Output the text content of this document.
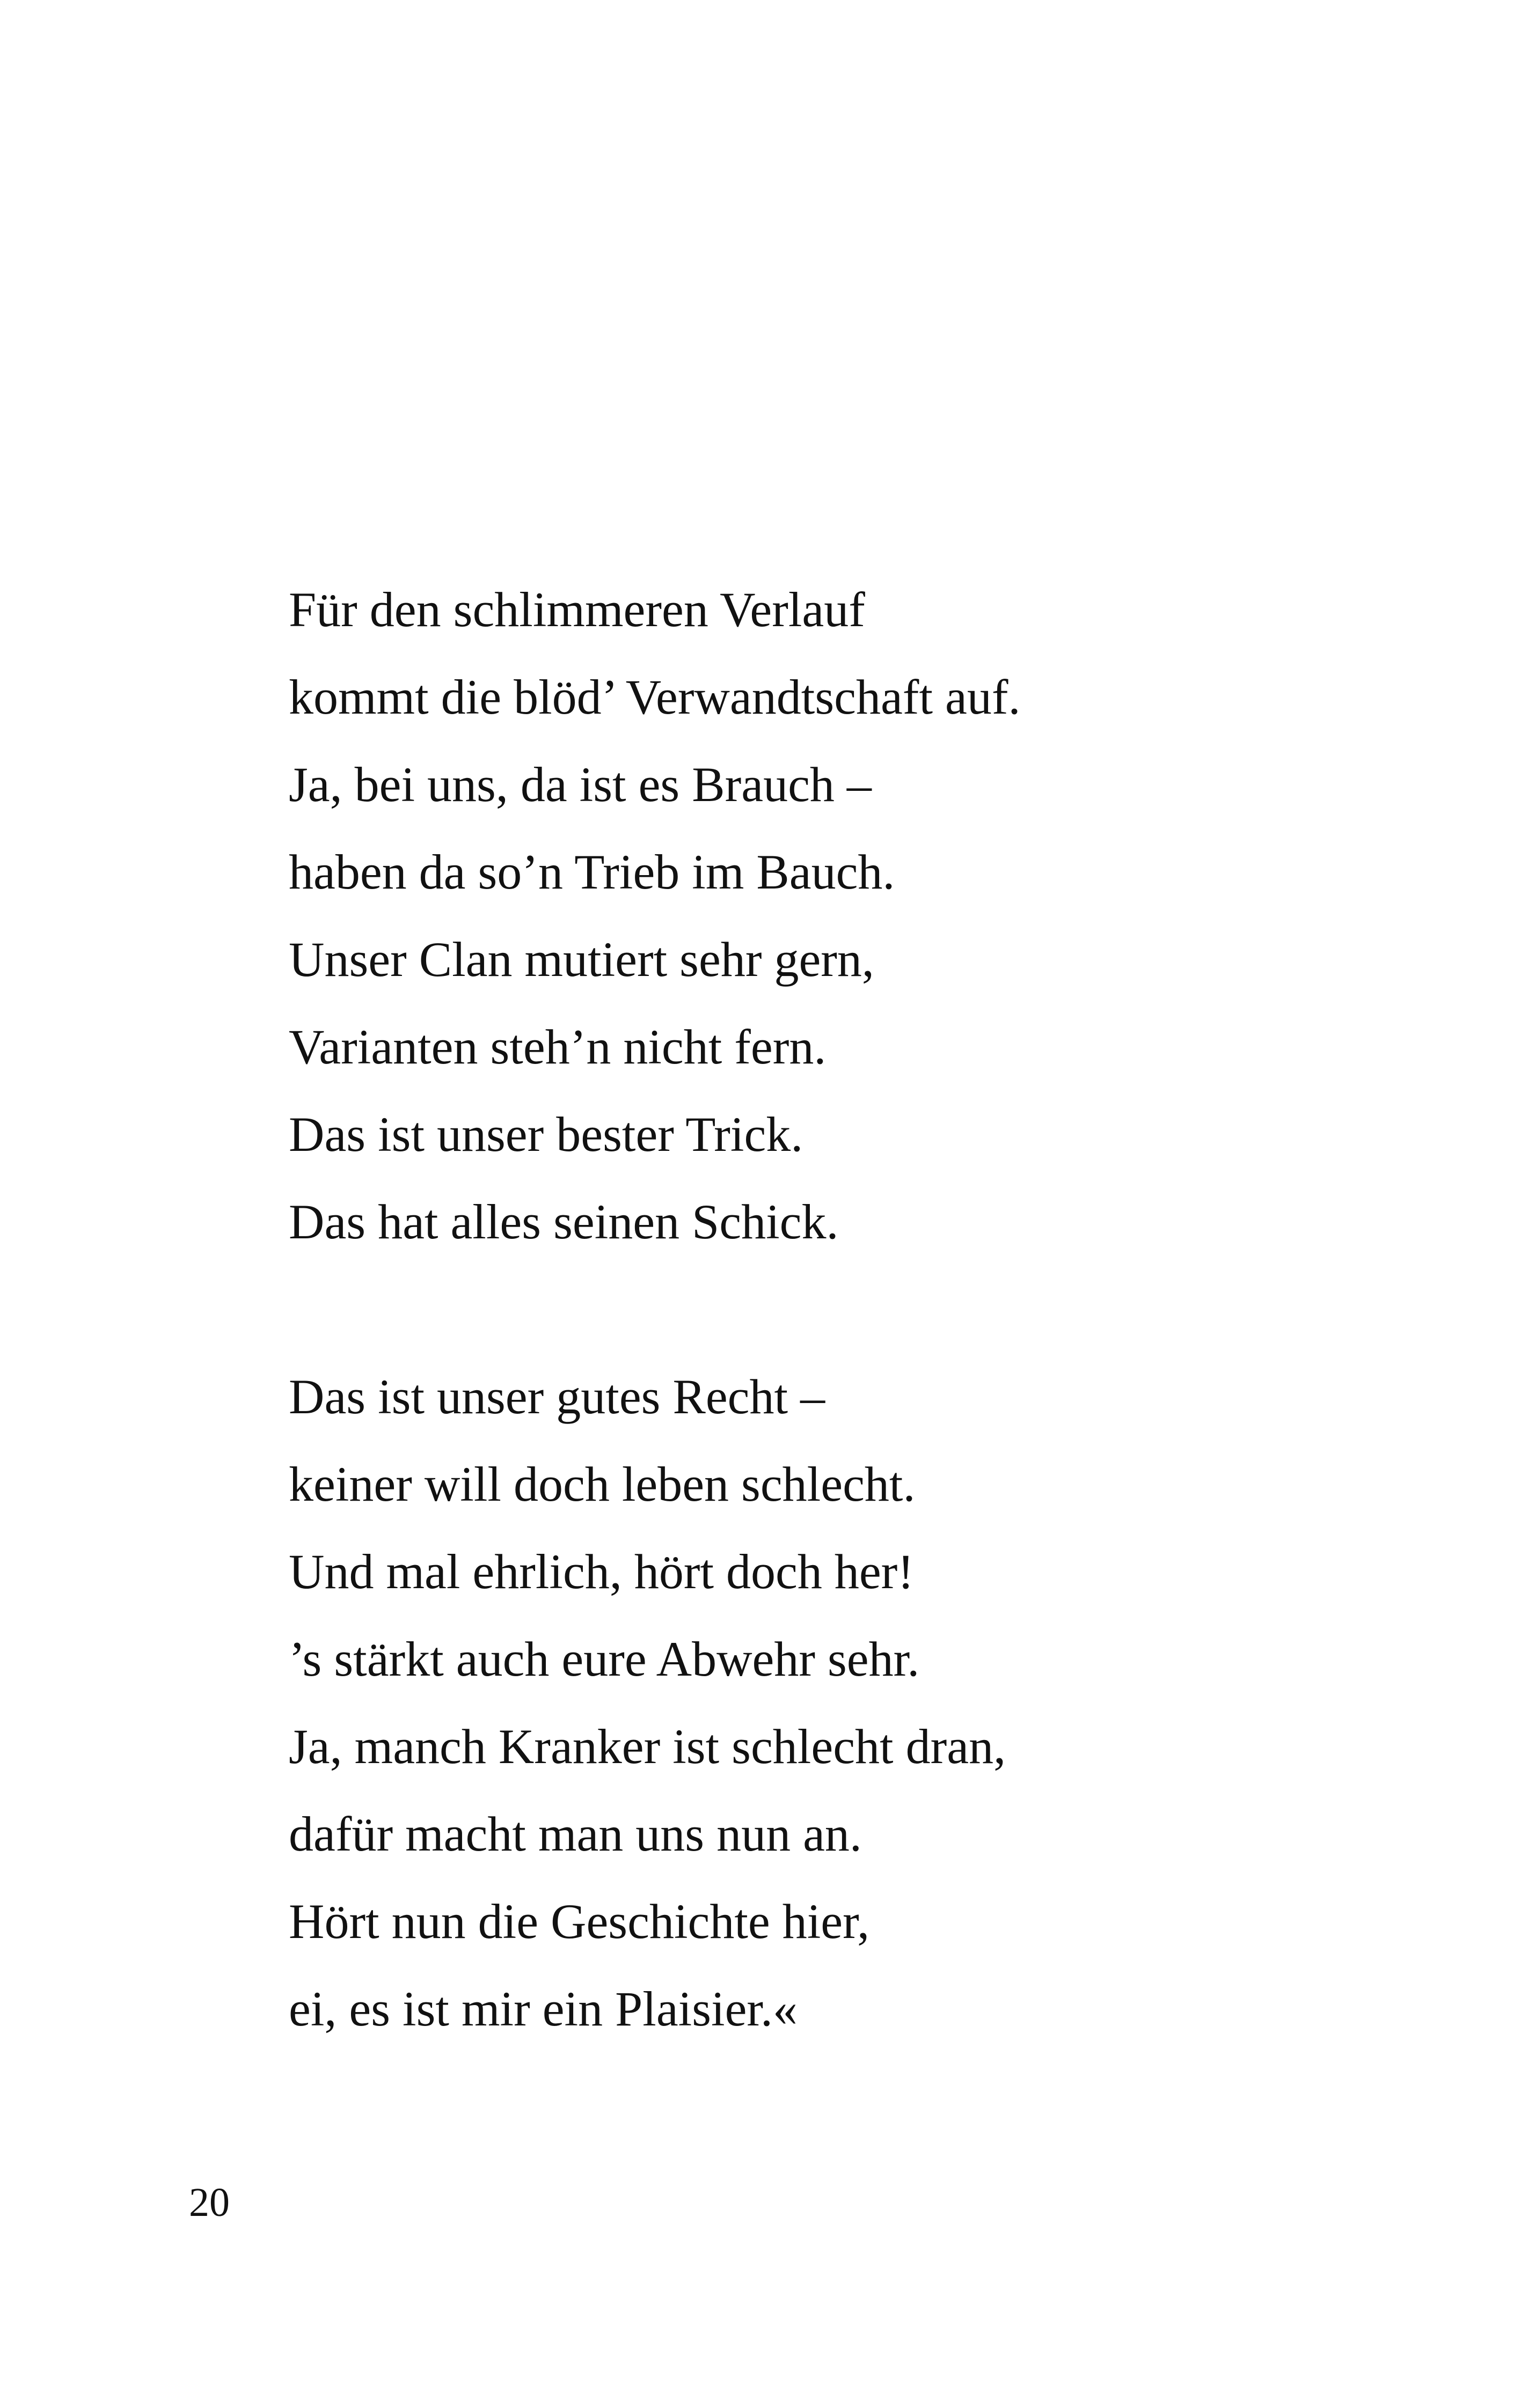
Für den schlimmeren Verlauf
kommt die blöd’ Verwandtschaft auf.
Ja, bei uns, da ist es Brauch –
haben da so’n Trieb im Bauch.
Unser Clan mutiert sehr gern,
Varianten steh’n nicht fern.
Das ist unser bester Trick.
Das hat alles seinen Schick.
Das ist unser gutes Recht –
keiner will doch leben schlecht.
Und mal ehrlich, hört doch her!
’s stärkt auch eure Abwehr sehr.
Ja, manch Kranker ist schlecht dran,
dafür macht man uns nun an.
Hört nun die Geschichte hier,
ei, es ist mir ein Plaisier.«
20
